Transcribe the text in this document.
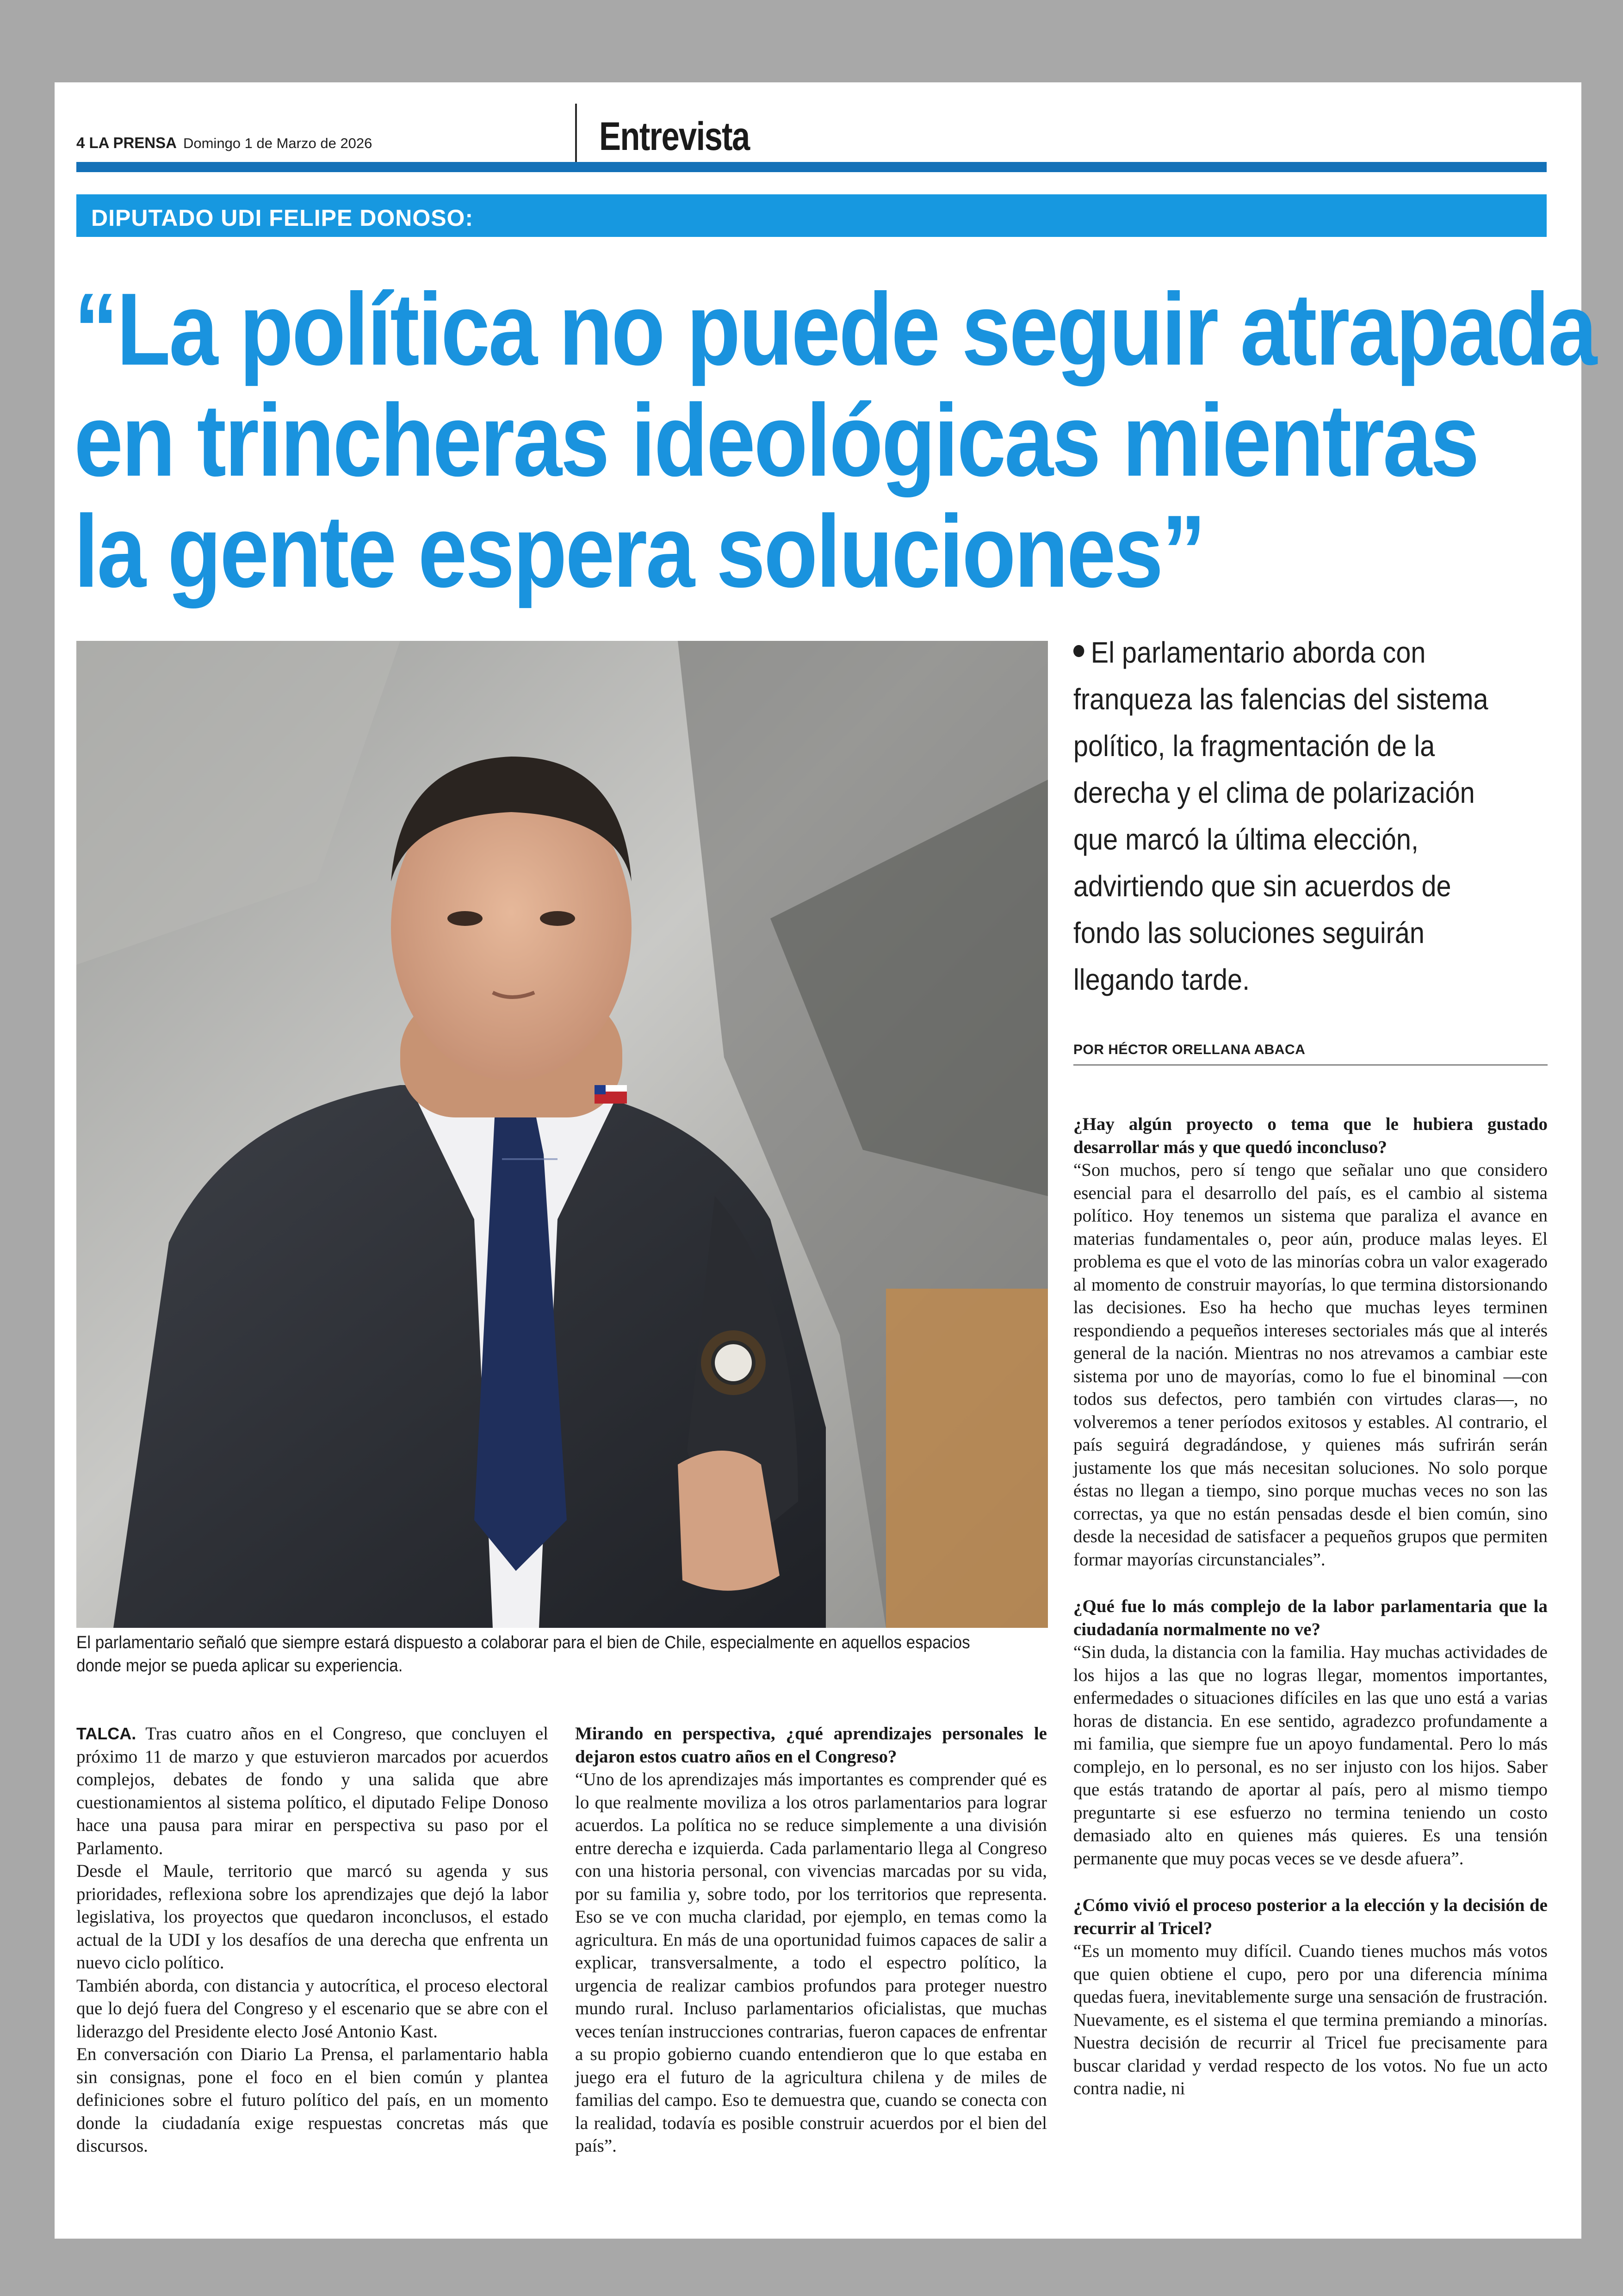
4 LA PRENSA Domingo 1 de Marzo de 2026	Entrevista
DIPUTADO UDI FELIPE DONOSO:
“La política no puede seguir atrapada
en trincheras ideológicas mientras
la gente espera soluciones”
El parlamentario señaló que siempre estará dispuesto a colaborar para el bien de Chile, especialmente en aquellos espacios donde mejor se pueda aplicar su experiencia.
El parlamentario aborda con franqueza las falencias del sistema político, la fragmentación de la derecha y el clima de polarización que marcó la última elección, advirtiendo que sin acuerdos de fondo las soluciones seguirán llegando tarde.
POR HÉCTOR ORELLANA ABACA

TALCA. Tras cuatro años en el Congreso, que concluyen el próximo 11 de marzo y que estuvieron marcados por acuerdos complejos, debates de fondo y una salida que abre cuestionamientos al sistema político, el diputado Felipe Donoso hace una pausa para mirar en perspectiva su paso por el Parlamento.

Desde el Maule, territorio que marcó su agenda y sus prioridades, reflexiona sobre los aprendizajes que dejó la labor legislativa, los proyectos que quedaron inconclusos, el estado actual de la UDI y los desafíos de una derecha que enfrenta un nuevo ciclo político.

También aborda, con distancia y autocrítica, el proceso electoral que lo dejó fuera del Congreso y el escenario que se abre con el liderazgo del Presidente electo José Antonio Kast.

En conversación con Diario La Prensa, el parlamentario habla sin consignas, pone el foco en el bien común y plantea definiciones sobre el futuro político del país, en un momento donde la ciudadanía exige respuestas concretas más que discursos.

Mirando en perspectiva, ¿qué aprendizajes personales le dejaron estos cuatro años en el Congreso?

“Uno de los aprendizajes más importantes es comprender qué es lo que realmente moviliza a los otros parlamentarios para lograr acuerdos. La política no se reduce simplemente a una división entre derecha e izquierda. Cada parlamentario llega al Congreso con una historia personal, con vivencias marcadas por su vida, por su familia y, sobre todo, por los territorios que representa. Eso se ve con mucha claridad, por ejemplo, en temas como la agricultura. En más de una oportunidad fuimos capaces de salir a explicar, transversalmente, a todo el espectro político, la urgencia de realizar cambios profundos para proteger nuestro mundo rural. Incluso parlamentarios oficialistas, que muchas veces tenían instrucciones contrarias, fueron capaces de enfrentar a su propio gobierno cuando entendieron que lo que estaba en juego era el futuro de la agricultura chilena y de miles de familias del campo. Eso te demuestra que, cuando se conecta con la realidad, todavía es posible construir acuerdos por el bien del país”.

¿Hay algún proyecto o tema que le hubiera gustado desarrollar más y que quedó inconcluso?

“Son muchos, pero sí tengo que señalar uno que considero esencial para el desarrollo del país, es el cambio al sistema político. Hoy tenemos un sistema que paraliza el avance en materias fundamentales o, peor aún, produce malas leyes. El problema es que el voto de las minorías cobra un valor exagerado al momento de construir mayorías, lo que termina distorsionando las decisiones. Eso ha hecho que muchas leyes terminen respondiendo a pequeños intereses sectoriales más que al interés general de la nación. Mientras no nos atrevamos a cambiar este sistema por uno de mayorías, como lo fue el binominal —con todos sus defectos, pero también con virtudes claras—, no volveremos a tener períodos exitosos y estables. Al contrario, el país seguirá degradándose, y quienes más sufrirán serán justamente los que más necesitan soluciones. No solo porque éstas no llegan a tiempo, sino porque muchas veces no son las correctas, ya que no están pensadas desde el bien común, sino desde la necesidad de satisfacer a pequeños grupos que permiten formar mayorías circunstanciales”.

¿Qué fue lo más complejo de la labor parlamentaria que la ciudadanía normalmente no ve?

“Sin duda, la distancia con la familia. Hay muchas actividades de los hijos a las que no logras llegar, momentos importantes, enfermedades o situaciones difíciles en las que uno está a varias horas de distancia. En ese sentido, agradezco profundamente a mi familia, que siempre fue un apoyo fundamental. Pero lo más complejo, en lo personal, es no ser injusto con los hijos. Saber que estás tratando de aportar al país, pero al mismo tiempo preguntarte si ese esfuerzo no termina teniendo un costo demasiado alto en quienes más quieres. Es una tensión permanente que muy pocas veces se ve desde afuera”.

¿Cómo vivió el proceso posterior a la elección y la decisión de recurrir al Tricel?

“Es un momento muy difícil. Cuando tienes muchos más votos que quien obtiene el cupo, pero por una diferencia mínima quedas fuera, inevitablemente surge una sensación de frustración. Nuevamente, es el sistema el que termina premiando a minorías. Nuestra decisión de recurrir al Tricel fue precisamente para buscar claridad y verdad respecto de los votos. No fue un acto contra nadie, ni
